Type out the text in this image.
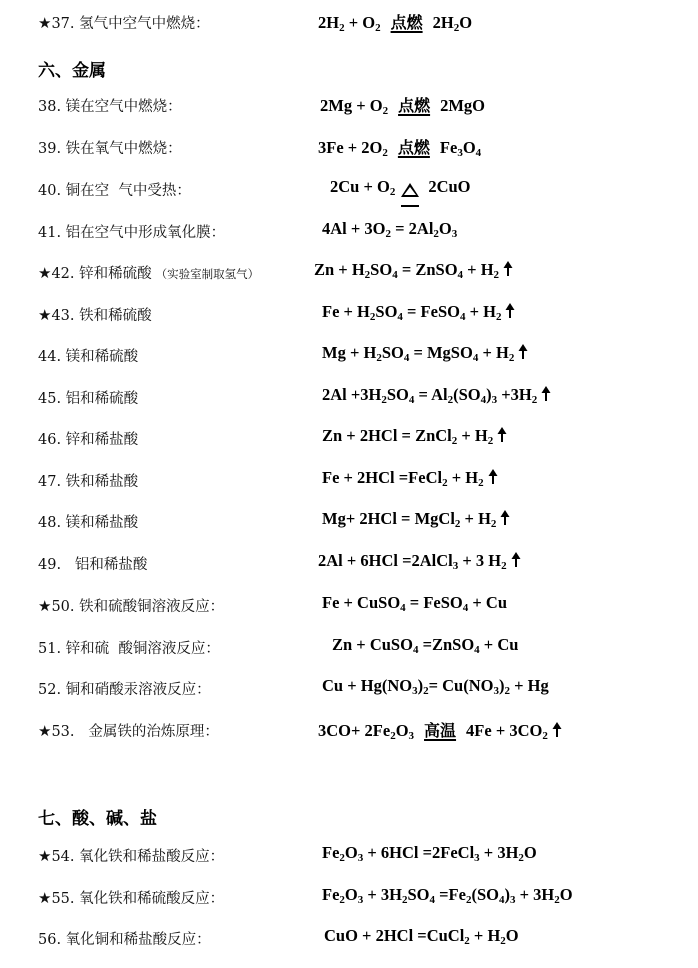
六、金属
七、酸、碱、盐
★37. 氢气中空气中燃烧：	$2H_2 + O_2$ 点燃 $2H_2O$
38. 镁在空气中燃烧：	$2Mg + O_2$ 点燃 2MgO
39. 铁在氧气中燃烧：	$3Fe + 2O_2$ 点燃 $Fe_3O_4$
40. 铜在空  气中受热：	$2Cu + O_2$ 2CuO
41. 铝在空气中形成氧化膜：	$4Al + 3O_2 = 2Al_2O_3$
★42. 锌和稀硫酸 （实验室制取氢气）	$Zn + H_2SO_4$ = ZnSO$_4$ + $H_2$
★43. 铁和稀硫酸	$Fe + H_2SO_4$ = FeSO$_4$ + $H_2$
44. 镁和稀硫酸	$Mg + H_2SO_4$ = MgSO$_4$ + $H_2$
45. 铝和稀硫酸	$2Al +3H_2SO_4 = Al_2(SO_4)_3 +3H_2$
46. 锌和稀盐酸	Zn + 2HCl = ZnCl$_2$ + $H_2$
47. 铁和稀盐酸	Fe + 2HCl =FeCl$_2$ + $H_2$
48. 镁和稀盐酸	Mg+ 2HCl = MgCl$_2$ + $H_2$
49.   铝和稀盐酸	2Al + 6HCl =2AlCl$_3$ + 3 $H_2$
★50. 铁和硫酸铜溶液反应：	Fe + CuSO$_4$ = FeSO$_4$ + Cu
51. 锌和硫  酸铜溶液反应：	Zn + CuSO$_4$ =ZnSO$_4$ + Cu
52. 铜和硝酸汞溶液反应：	$Cu + Hg(NO_3)_2= Cu(NO_3)_2 + Hg$
★53.   金属铁的治炼原理：	$3CO+ 2Fe_2O_3$ 高温 $4Fe + 3CO_2$
★54. 氧化铁和稀盐酸反应：	$Fe_2O_3 + 6HCl$ =2FeCl$_3$ + $3H_2O$
★55. 氧化铁和稀硫酸反应：	$Fe_2O_3 + 3H_2SO_4 =Fe_2(SO_4)_3 + 3H_2O$
56. 氧化铜和稀盐酸反应：	CuO + 2HCl =CuCl$_2$ + $H_2O$
